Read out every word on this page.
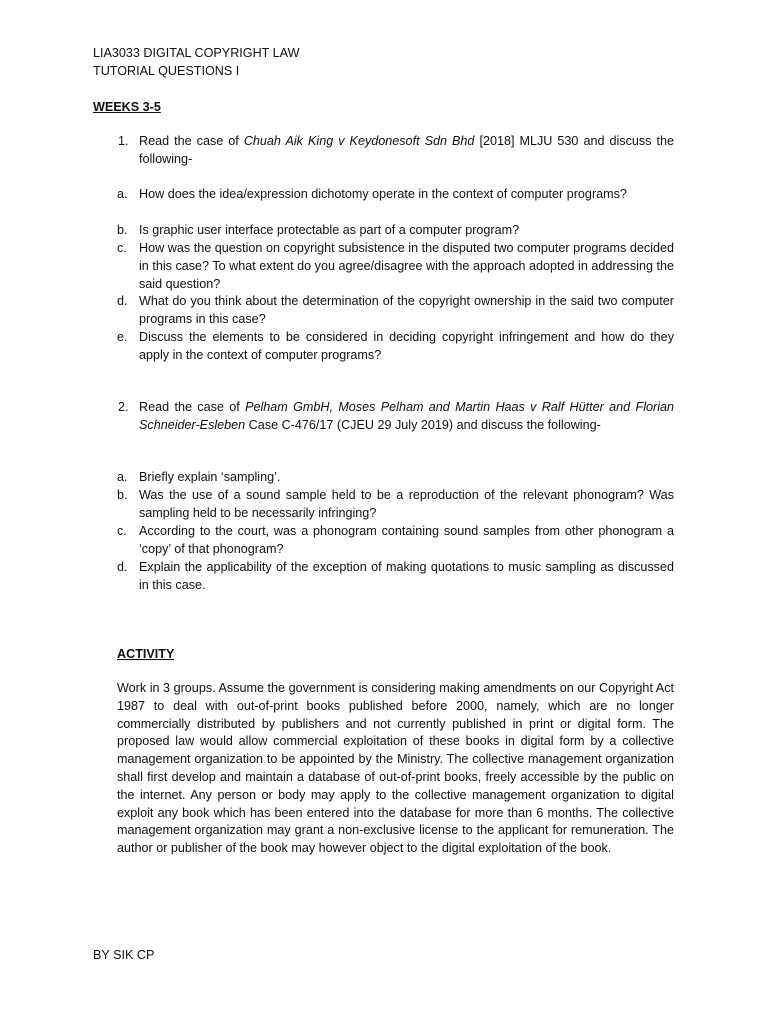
LIA3033 DIGITAL COPYRIGHT LAW
TUTORIAL QUESTIONS I
WEEKS 3-5
1. Read the case of Chuah Aik King v Keydonesoft Sdn Bhd [2018] MLJU 530 and discuss the following-
a. How does the idea/expression dichotomy operate in the context of computer programs?
b. Is graphic user interface protectable as part of a computer program?
c. How was the question on copyright subsistence in the disputed two computer programs decided in this case? To what extent do you agree/disagree with the approach adopted in addressing the said question?
d. What do you think about the determination of the copyright ownership in the said two computer programs in this case?
e. Discuss the elements to be considered in deciding copyright infringement and how do they apply in the context of computer programs?
2. Read the case of Pelham GmbH, Moses Pelham and Martin Haas v Ralf Hütter and Florian Schneider-Esleben Case C-476/17 (CJEU 29 July 2019) and discuss the following-
a. Briefly explain ‘sampling’.
b. Was the use of a sound sample held to be a reproduction of the relevant phonogram? Was sampling held to be necessarily infringing?
c. According to the court, was a phonogram containing sound samples from other phonogram a ‘copy’ of that phonogram?
d. Explain the applicability of the exception of making quotations to music sampling as discussed in this case.
ACTIVITY
Work in 3 groups. Assume the government is considering making amendments on our Copyright Act 1987 to deal with out-of-print books published before 2000, namely, which are no longer commercially distributed by publishers and not currently published in print or digital form. The proposed law would allow commercial exploitation of these books in digital form by a collective management organization to be appointed by the Ministry. The collective management organization shall first develop and maintain a database of out-of-print books, freely accessible by the public on the internet. Any person or body may apply to the collective management organization to digital exploit any book which has been entered into the database for more than 6 months. The collective management organization may grant a non-exclusive license to the applicant for remuneration. The author or publisher of the book may however object to the digital exploitation of the book.
BY SIK CP
